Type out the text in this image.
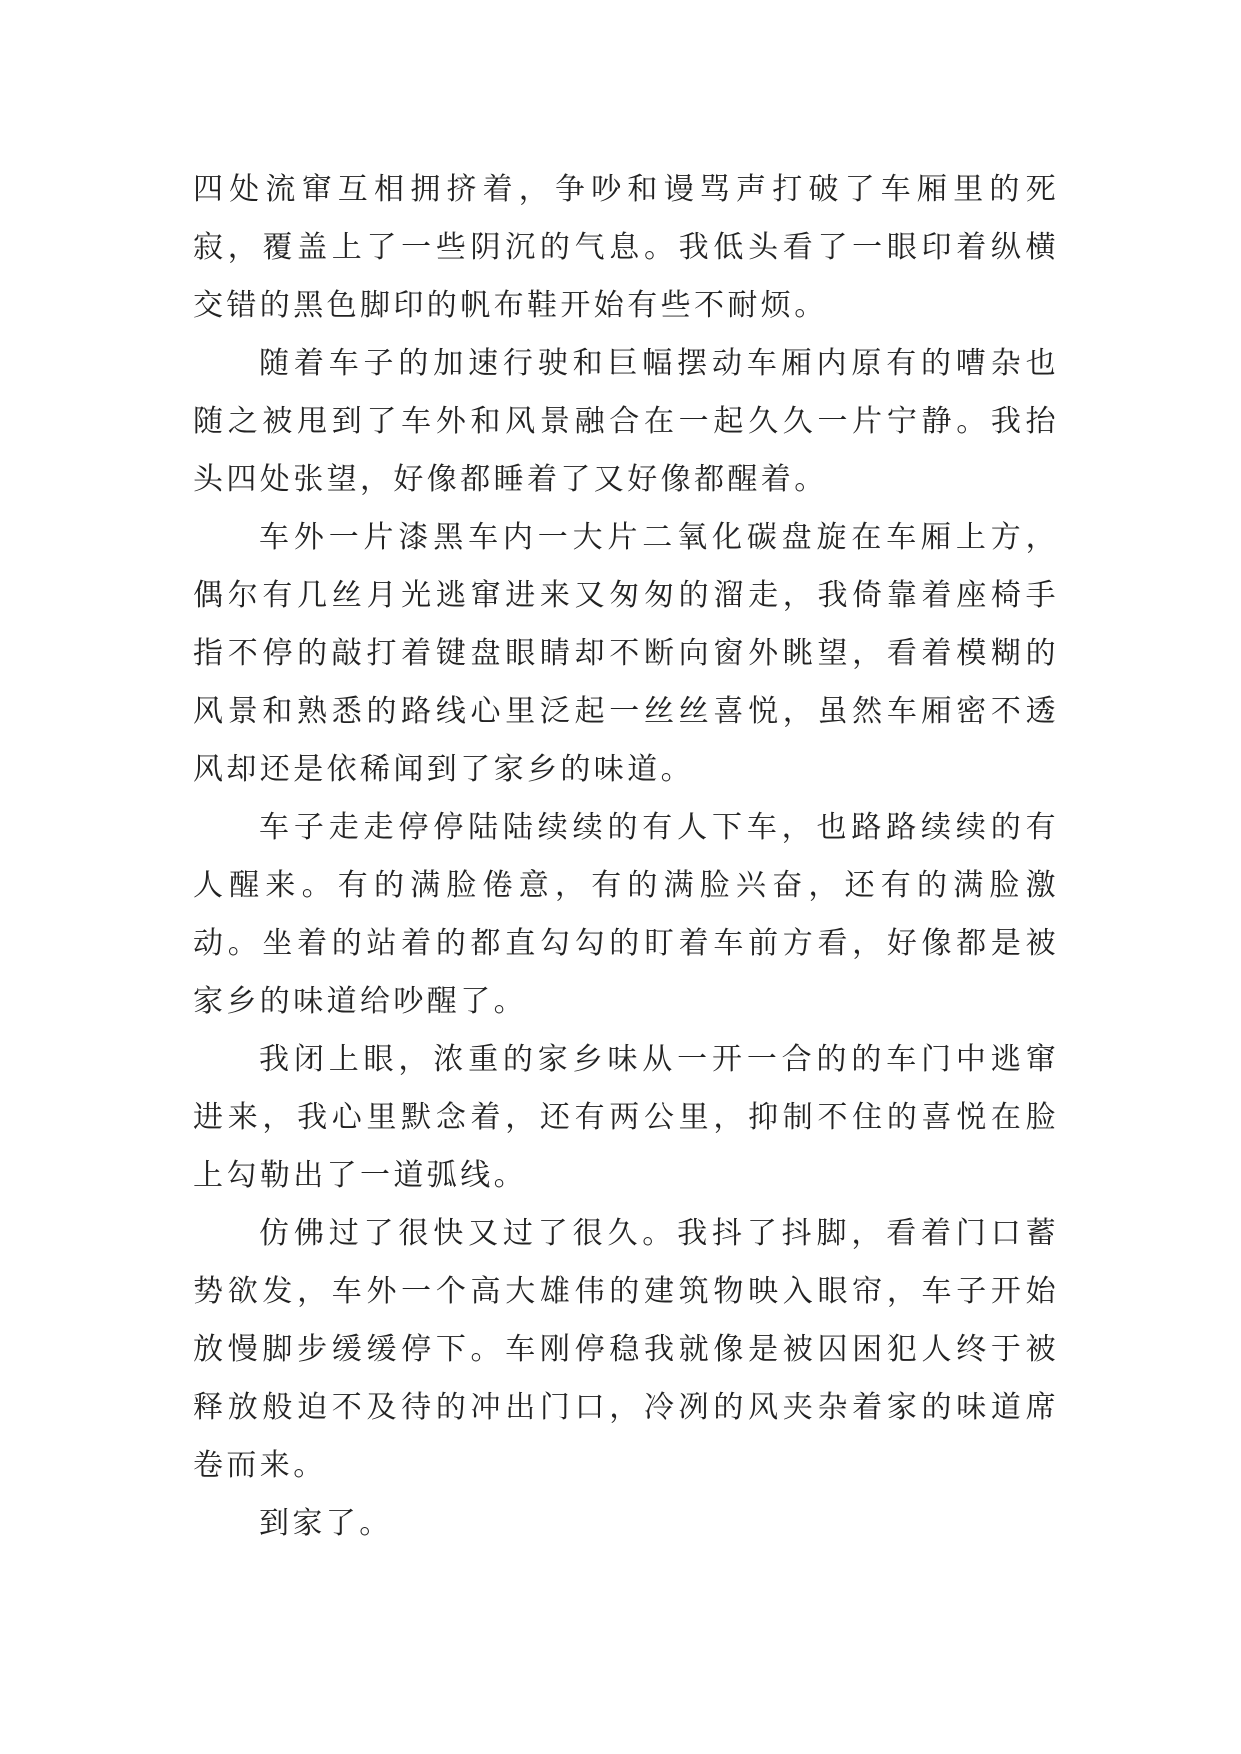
四处流窜互相拥挤着，争吵和谩骂声打破了车厢里的死寂，覆盖上了一些阴沉的气息。我低头看了一眼印着纵横交错的黑色脚印的帆布鞋开始有些不耐烦。

随着车子的加速行驶和巨幅摆动车厢内原有的嘈杂也随之被甩到了车外和风景融合在一起久久一片宁静。我抬头四处张望，好像都睡着了又好像都醒着。

车外一片漆黑车内一大片二氧化碳盘旋在车厢上方，偶尔有几丝月光逃窜进来又匆匆的溜走，我倚靠着座椅手指不停的敲打着键盘眼睛却不断向窗外眺望，看着模糊的风景和熟悉的路线心里泛起一丝丝喜悦，虽然车厢密不透风却还是依稀闻到了家乡的味道。

车子走走停停陆陆续续的有人下车，也路路续续的有人醒来。有的满脸倦意，有的满脸兴奋，还有的满脸激动。坐着的站着的都直勾勾的盯着车前方看，好像都是被家乡的味道给吵醒了。

我闭上眼，浓重的家乡味从一开一合的的车门中逃窜进来，我心里默念着，还有两公里，抑制不住的喜悦在脸上勾勒出了一道弧线。

仿佛过了很快又过了很久。我抖了抖脚，看着门口蓄势欲发，车外一个高大雄伟的建筑物映入眼帘，车子开始放慢脚步缓缓停下。车刚停稳我就像是被囚困犯人终于被释放般迫不及待的冲出门口，冷冽的风夹杂着家的味道席卷而来。

到家了。
